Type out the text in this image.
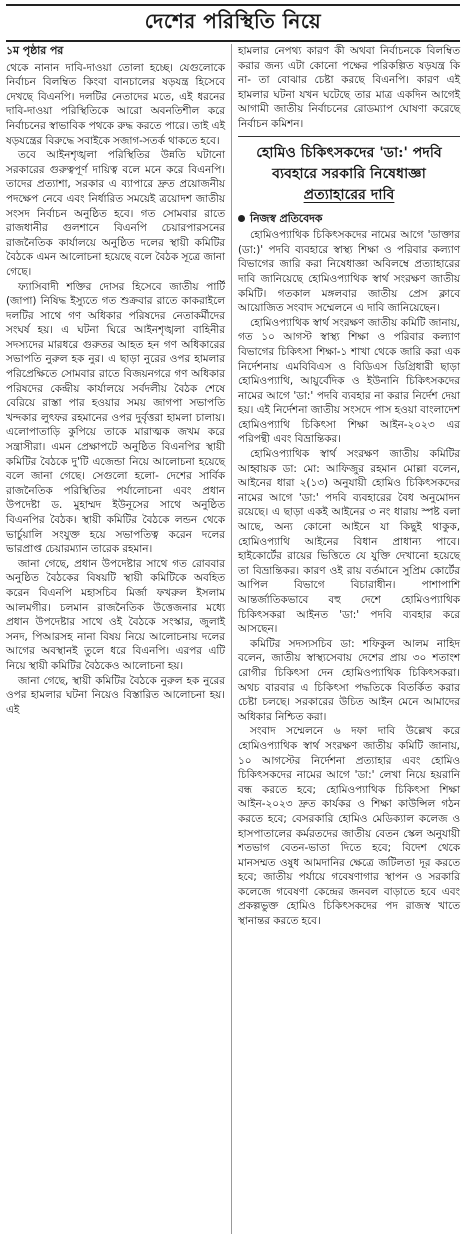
দেশের পরিস্থিতি নিয়ে
১ম পৃষ্ঠার পর

থেকে নানান দাবি-দাওয়া তোলা হচ্ছে। যেগুলোকে নির্বাচন বিলম্বিত কিংবা বানচালের ষড়যন্ত্র হিসেবে দেখছে বিএনপি। দলটির নেতাদের মতে, এই ধরনের দাবি-দাওয়া পরিস্থিতিকে আরো অবনতিশীল করে নির্বাচনের স্বাভাবিক পথকে রুদ্ধ করতে পারে। তাই এই ষড়যন্ত্রের বিরুদ্ধে সবাইকে সজাগ-সতর্ক থাকতে হবে।

তবে আইনশৃঙ্খলা পরিস্থিতির উন্নতি ঘটানো সরকারের গুরুত্বপূর্ণ দায়িত্ব বলে মনে করে বিএনপি। তাদের প্রত্যাশা, সরকার এ ব্যাপারে দ্রুত প্রয়োজনীয় পদক্ষেপ নেবে এবং নির্ধারিত সময়েই ত্রয়োদশ জাতীয় সংসদ নির্বাচন অনুষ্ঠিত হবে। গত সোমবার রাতে রাজধানীর গুলশানে বিএনপি চেয়ারপারসনের রাজনৈতিক কার্যালয়ে অনুষ্ঠিত দলের স্থায়ী কমিটির বৈঠকে এমন আলোচনা হয়েছে বলে বৈঠক সূত্রে জানা গেছে।

ফ্যাসিবাদী শক্তির দোসর হিসেবে জাতীয় পার্টি (জাপা) নিষিদ্ধ ইস্যুতে গত শুক্রবার রাতে কাকরাইলে দলটির সাথে গণ অধিকার পরিষদের নেতাকর্মীদের সংঘর্ষ হয়। এ ঘটনা ঘিরে আইনশৃঙ্খলা বাহিনীর সদস্যদের মারধরে গুরুতর আহত হন গণ অধিকারের সভাপতি নুরুল হক নুর। এ ছাড়া নুরের ওপর হামলার পরিপ্রেক্ষিতে সোমবার রাতে বিজয়নগরে গণ অধিকার পরিষদের কেন্দ্রীয় কার্যালয়ে সর্বদলীয় বৈঠক শেষে বেরিয়ে রাস্তা পার হওয়ার সময় জাগপা সভাপতি খন্দকার লুৎফর রহমানের ওপর দুর্বৃত্তরা হামলা চালায়। এলোপাতাড়ি কুপিয়ে তাকে মারাত্মক জখম করে সন্ত্রাসীরা। এমন প্রেক্ষাপটে অনুষ্ঠিত বিএনপির স্থায়ী কমিটির বৈঠকে দু'টি এজেন্ডা নিয়ে আলোচনা হয়েছে বলে জানা গেছে। সেগুলো হলো- দেশের সার্বিক রাজনৈতিক পরিস্থিতির পর্যালোচনা এবং প্রধান উপদেষ্টা ড. মুহাম্মদ ইউনূসের সাথে অনুষ্ঠিত বিএনপির বৈঠক। স্থায়ী কমিটির বৈঠকে লন্ডন থেকে ভার্চুয়ালি সংযুক্ত হয়ে সভাপতিত্ব করেন দলের ভারপ্রাপ্ত চেয়ারম্যান তারেক রহমান।

জানা গেছে, প্রধান উপদেষ্টার সাথে গত রোববার অনুষ্ঠিত বৈঠকের বিষয়টি স্থায়ী কমিটিকে অবহিত করেন বিএনপি মহাসচিব মির্জা ফখরুল ইসলাম আলমগীর। চলমান রাজনৈতিক উত্তেজনার মধ্যে প্রধান উপদেষ্টার সাথে ওই বৈঠকে সংস্কার, জুলাই সনদ, পিআরসহ নানা বিষয় নিয়ে আলোচনায় দলের আগের অবস্থানই তুলে ধরে বিএনপি। এরপর এটি নিয়ে স্থায়ী কমিটির বৈঠকেও আলোচনা হয়।

জানা গেছে, স্থায়ী কমিটির বৈঠকে নুরুল হক নুরের ওপর হামলার ঘটনা নিয়েও বিস্তারিত আলোচনা হয়। এই

হামলার নেপথ্য কারণ কী অথবা নির্বাচনকে বিলম্বিত করার জন্য এটা কোনো পক্ষের পরিকল্পিত ষড়যন্ত্র কি না- তা বোঝার চেষ্টা করছে বিএনপি। কারণ এই হামলার ঘটনা যখন ঘটেছে তার মাত্র একদিন আগেই আগামী জাতীয় নির্বাচনের রোডম্যাপ ঘোষণা করেছে নির্বাচন কমিশন।

হোমিও চিকিৎসকদের 'ডা:' পদবি
ব্যবহারে সরকারি নিষেধাজ্ঞা
প্রত্যাহারের দাবি
নিজস্ব প্রতিবেদক

হোমিওপ্যাথিক চিকিৎসকদের নামের আগে 'ডাক্তার (ডা:)' পদবি ব্যবহারে স্বাস্থ্য শিক্ষা ও পরিবার কল্যাণ বিভাগের জারি করা নিষেধাজ্ঞা অবিলম্বে প্রত্যাহারের দাবি জানিয়েছে হোমিওপ্যাথিক স্বার্থ সংরক্ষণ জাতীয় কমিটি। গতকাল মঙ্গলবার জাতীয় প্রেস ক্লাবে আয়োজিত সংবাদ সম্মেলনে এ দাবি জানিয়েছেন।

হোমিওপ্যাথিক স্বার্থ সংরক্ষণ জাতীয় কমিটি জানায়, গত ১০ আগস্ট স্বাস্থ্য শিক্ষা ও পরিবার কল্যাণ বিভাগের চিকিৎসা শিক্ষা-১ শাখা থেকে জারি করা এক নির্দেশনায় এমবিবিএস ও বিডিএস ডিগ্রিধারী ছাড়া হোমিওপ্যাথি, আয়ুর্বেদিক ও ইউনানি চিকিৎসকদের নামের আগে 'ডা:' পদবি ব্যবহার না করার নির্দেশ দেয়া হয়। এই নির্দেশনা জাতীয় সংসদে পাস হওয়া বাংলাদেশ হোমিওপ্যাথি চিকিৎসা শিক্ষা আইন-২০২৩ এর পরিপন্থী এবং বিভ্রান্তিকর।

হোমিওপ্যাথিক স্বার্থ সংরক্ষণ জাতীয় কমিটির আহ্বায়ক ডা: মো: আফিজুর রহমান মোল্লা বলেন, আইনের ধারা ২(১৩) অনুযায়ী হোমিও চিকিৎসকদের নামের আগে 'ডা:' পদবি ব্যবহারের বৈধ অনুমোদন রয়েছে। এ ছাড়া একই আইনের ৩ নং ধারায় স্পষ্ট বলা আছে, অন্য কোনো আইনে যা কিছুই থাকুক, হোমিওপ্যাথি আইনের বিধান প্রাধান্য পাবে। হাইকোর্টের রায়ের ভিত্তিতে যে যুক্তি দেখানো হয়েছে তা বিভ্রান্তিকর। কারণ ওই রায় বর্তমানে সুপ্রিম কোর্টের আপিল বিভাগে বিচারাধীন। পাশাপাশি আন্তর্জাতিকভাবে বহু দেশে হোমিওপ্যাথিক চিকিৎসকরা আইনত 'ডা:' পদবি ব্যবহার করে আসছেন।

কমিটির সদস্যসচিব ডা: শফিকুল আলম নাহিদ বলেন, জাতীয় স্বাস্থ্যসেবায় দেশের প্রায় ৩০ শতাংশ রোগীর চিকিৎসা দেন হোমিওপ্যাথিক চিকিৎসকরা। অথচ বারবার এ চিকিৎসা পদ্ধতিকে বিতর্কিত করার চেষ্টা চলছে। সরকারের উচিত আইন মেনে আমাদের অধিকার নিশ্চিত করা।

সংবাদ সম্মেলনে ৬ দফা দাবি উল্লেখ করে হোমিওপ্যাথিক স্বার্থ সংরক্ষণ জাতীয় কমিটি জানায়, ১০ আগস্টের নির্দেশনা প্রত্যাহার এবং হোমিও চিকিৎসকদের নামের আগে 'ডা:' লেখা নিয়ে হয়রানি বন্ধ করতে হবে; হোমিওপ্যাথিক চিকিৎসা শিক্ষা আইন-২০২৩ দ্রুত কার্যকর ও শিক্ষা কাউন্সিল গঠন করতে হবে; বেসরকারি হোমিও মেডিক্যাল কলেজ ও হাসপাতালের কর্মরতদের জাতীয় বেতন স্কেল অনুযায়ী শতভাগ বেতন-ভাতা দিতে হবে; বিদেশ থেকে মানসম্মত ওষুধ আমদানির ক্ষেত্রে জটিলতা দূর করতে হবে; জাতীয় পর্যায়ে গবেষণাগার স্থাপন ও সরকারি কলেজে গবেষণা কেন্দ্রের জনবল বাড়াতে হবে এবং প্রকল্পভুক্ত হোমিও চিকিৎসকদের পদ রাজস্ব খাতে স্থানান্তর করতে হবে।
